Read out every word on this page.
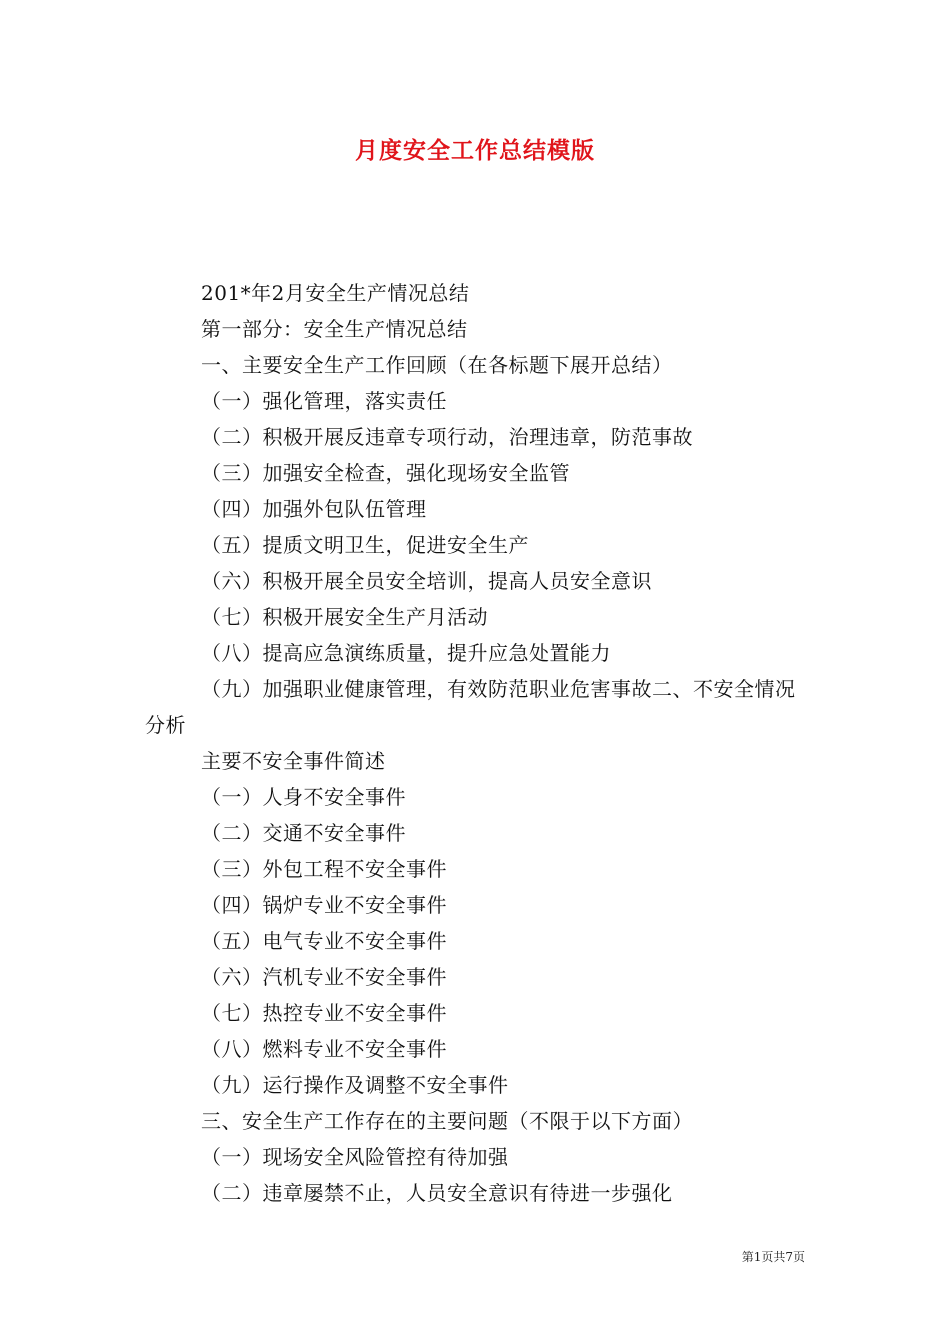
月度安全工作总结模版

201*年2月安全生产情况总结

第一部分：安全生产情况总结

一、主要安全生产工作回顾（在各标题下展开总结）

（一）强化管理，落实责任

（二）积极开展反违章专项行动，治理违章，防范事故

（三）加强安全检查，强化现场安全监管

（四）加强外包队伍管理

（五）提质文明卫生，促进安全生产

（六）积极开展全员安全培训，提高人员安全意识

（七）积极开展安全生产月活动

（八）提高应急演练质量，提升应急处置能力

（九）加强职业健康管理，有效防范职业危害事故二、不安全情况分析

主要不安全事件简述

（一）人身不安全事件

（二）交通不安全事件

（三）外包工程不安全事件

（四）锅炉专业不安全事件

（五）电气专业不安全事件

（六）汽机专业不安全事件

（七）热控专业不安全事件

（八）燃料专业不安全事件

（九）运行操作及调整不安全事件

三、安全生产工作存在的主要问题（不限于以下方面）

（一）现场安全风险管控有待加强

（二）违章屡禁不止，人员安全意识有待进一步强化

第1页共7页
